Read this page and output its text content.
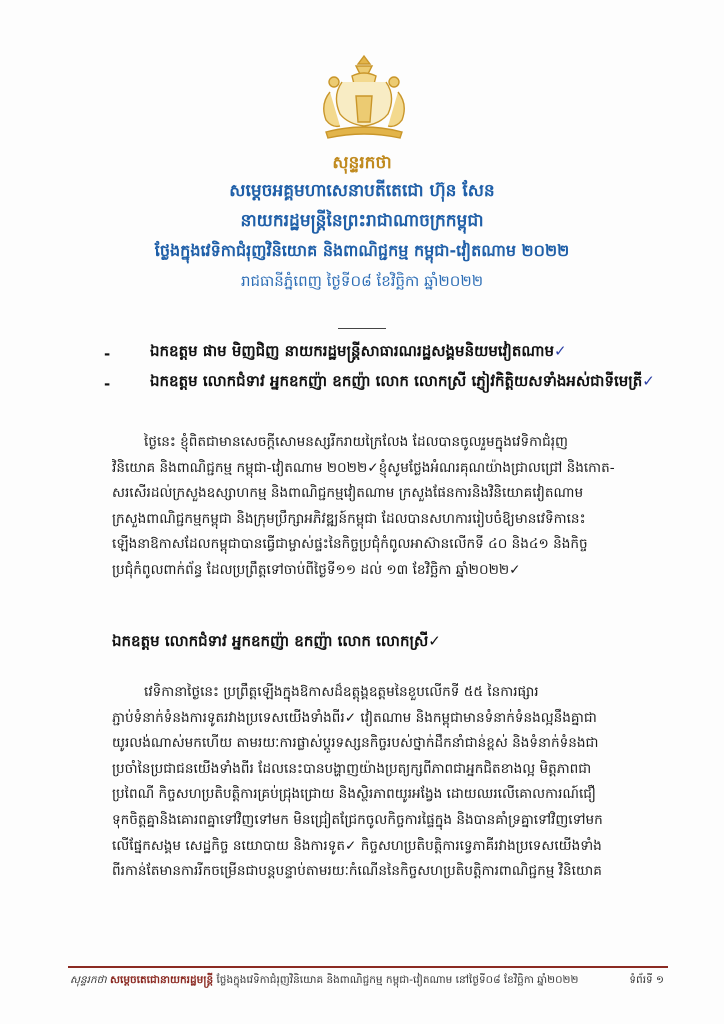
សុន្ទរកថា
សម្តេចអគ្គមហាសេនាបតីតេជោ ហ៊ុន សែន
នាយករដ្ឋមន្ត្រីនៃព្រះរាជាណាចក្រកម្ពុជា
ថ្លែងក្នុងវេទិកាជំរុញវិនិយោគ និងពាណិជ្ជកម្ម កម្ពុជា-វៀតណាម ២០២២
រាជធានីភ្នំពេញ ថ្ងៃទី០៨ ខែវិច្ឆិកា ឆ្នាំ២០២២
-	ឯកឧត្តម ផាម មិញជិញ នាយករដ្ឋមន្ត្រីសាធារណរដ្ឋសង្គមនិយមវៀតណាម✓
-	ឯកឧត្តម លោកជំទាវ អ្នកឧកញ៉ា ឧកញ៉ា លោក លោកស្រី ភ្ញៀវកិត្តិយសទាំងអស់ជាទីមេត្រី✓
ថ្ងៃនេះ ខ្ញុំពិតជាមានសេចក្តីសោមនស្សរីករាយក្រៃលែង ដែលបានចូលរួមក្នុងវេទិកាជំរុញ
វិនិយោគ និងពាណិជ្ជកម្ម កម្ពុជា-វៀតណាម ២០២២✓ខ្ញុំសូមថ្លែងអំណរគុណយ៉ាងជ្រាលជ្រៅ និងកោត-
សរសើរដល់ក្រសួងឧស្សាហកម្ម និងពាណិជ្ជកម្មវៀតណាម ក្រសួងផែនការនិងវិនិយោគវៀតណាម
ក្រសួងពាណិជ្ជកម្មកម្ពុជា និងក្រុមប្រឹក្សាអភិវឌ្ឍន៍កម្ពុជា ដែលបានសហការរៀបចំឱ្យមានវេទិកានេះ
ឡើងនាឱកាសដែលកម្ពុជាបានធ្វើជាម្ចាស់ផ្ទះនៃកិច្ចប្រជុំកំពូលអាស៊ានលើកទី ៤០ និង៤១ និងកិច្ច
ប្រជុំកំពូលពាក់ព័ន្ធ ដែលប្រព្រឹត្តទៅចាប់ពីថ្ងៃទី១១ ដល់ ១៣ ខែវិច្ឆិកា ឆ្នាំ២០២២✓
ឯកឧត្តម លោកជំទាវ អ្នកឧកញ៉ា ឧកញ៉ា លោក លោកស្រី✓
វេទិកានាថ្ងៃនេះ ប្រព្រឹត្តឡើងក្នុងឱកាសដ៏ឧត្តុង្គឧត្តមនៃខួបលើកទី ៥៥ នៃការផ្សារ
ភ្ជាប់ទំនាក់ទំនងការទូតរវាងប្រទេសយើងទាំងពីរ✓ វៀតណាម និងកម្ពុជាមានទំនាក់ទំនងល្អនឹងគ្នាជា
យូរលង់ណាស់មកហើយ តាមរយៈការផ្លាស់ប្តូរទស្សនកិច្ចរបស់ថ្នាក់ដឹកនាំជាន់ខ្ពស់ និងទំនាក់ទំនងជា
ប្រចាំនៃប្រជាជនយើងទាំងពីរ ដែលនេះបានបង្ហាញយ៉ាងប្រត្យក្សពីភាពជាអ្នកជិតខាងល្អ មិត្តភាពជា
ប្រពៃណី កិច្ចសហប្រតិបត្តិការគ្រប់ជ្រុងជ្រោយ និងស្ថិរភាពយូរអង្វែង ដោយឈរលើគោលការណ៍ជឿ
ទុកចិត្តគ្នានិងគោរពគ្នាទៅវិញទៅមក មិនជ្រៀតជ្រែកចូលកិច្ចការផ្ទៃក្នុង និងបានគាំទ្រគ្នាទៅវិញទៅមក
លើផ្នែកសង្គម សេដ្ឋកិច្ច នយោបាយ និងការទូត✓ កិច្ចសហប្រតិបត្តិការទ្វេភាគីរវាងប្រទេសយើងទាំង
ពីរកាន់តែមានការរីកចម្រើនជាបន្តបន្ទាប់តាមរយៈកំណើននៃកិច្ចសហប្រតិបត្តិការពាណិជ្ជកម្ម វិនិយោគ
សុន្ទរកថា សម្តេចតេជោនាយករដ្ឋមន្ត្រី ថ្លែងក្នុងវេទិកាជំរុញវិនិយោគ និងពាណិជ្ជកម្ម កម្ពុជា-វៀតណាម នៅថ្ងៃទី០៨ ខែវិច្ឆិកា ឆ្នាំ២០២២	ទំព័រទី ១
